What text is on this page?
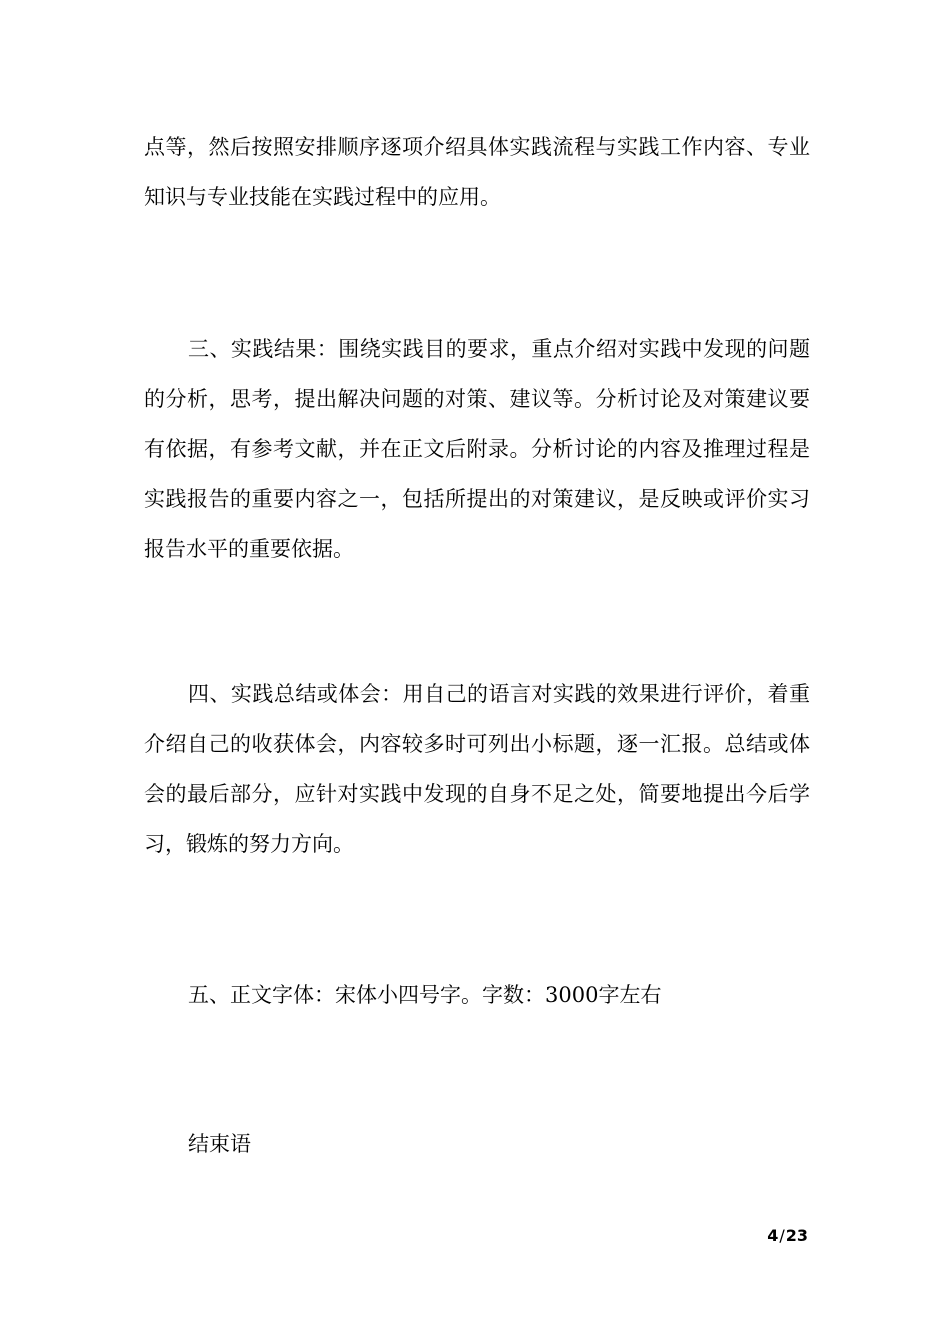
点等，然后按照安排顺序逐项介绍具体实践流程与实践工作内容、专业知识与专业技能在实践过程中的应用。

三、实践结果：围绕实践目的要求，重点介绍对实践中发现的问题的分析，思考，提出解决问题的对策、建议等。分析讨论及对策建议要有依据，有参考文献，并在正文后附录。分析讨论的内容及推理过程是实践报告的重要内容之一，包括所提出的对策建议，是反映或评价实习报告水平的重要依据。

四、实践总结或体会：用自己的语言对实践的效果进行评价，着重介绍自己的收获体会，内容较多时可列出小标题，逐一汇报。总结或体会的最后部分，应针对实践中发现的自身不足之处，简要地提出今后学习，锻炼的努力方向。

五、正文字体：宋体小四号字。字数：3000字左右

结束语

4/23
